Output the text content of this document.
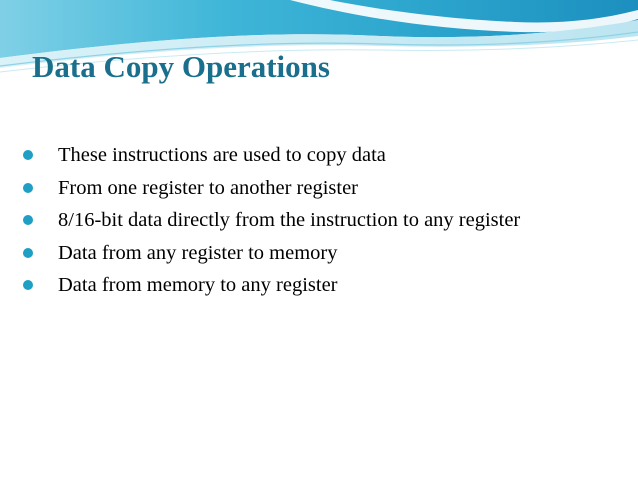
Data Copy Operations
These instructions are used to copy data
From one register to another register
8/16-bit data directly from the instruction to any register
Data from any register to memory
Data from memory to any register
